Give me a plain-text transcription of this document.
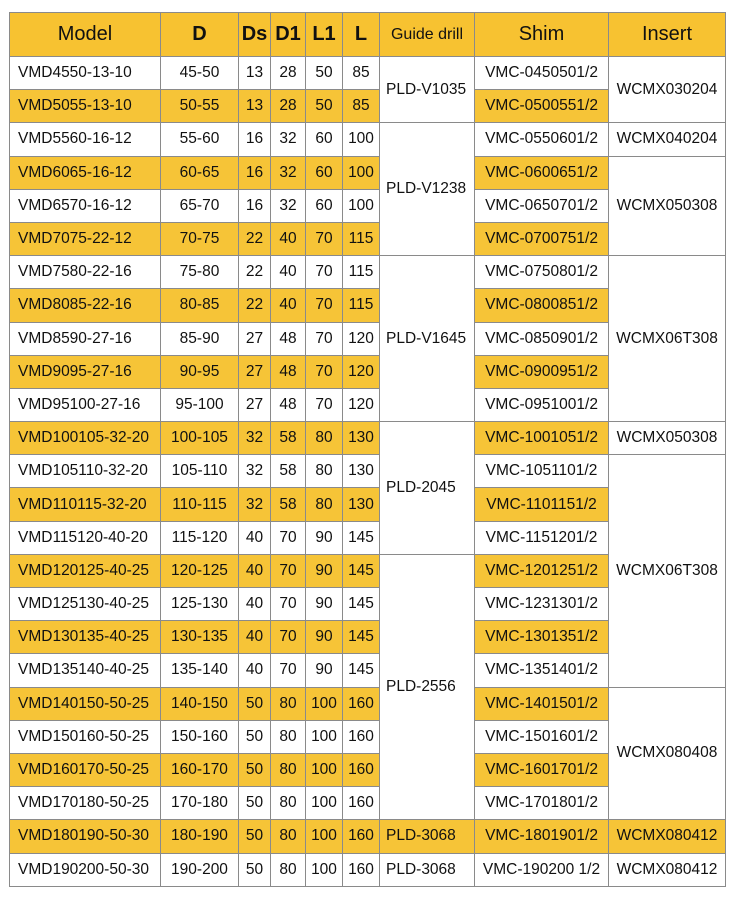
Model	D	Ds	D1	L1	L	Guide drill	Shim	Insert
VMD4550-13-10	45-50	13	28	50	85	PLD-V1035	VMC-0450501/2	WCMX030204
VMD5055-13-10	50-55	13	28	50	85		VMC-0500551/2	
VMD5560-16-12	55-60	16	32	60	100	PLD-V1238	VMC-0550601/2	WCMX040204
VMD6065-16-12	60-65	16	32	60	100		VMC-0600651/2	WCMX050308
VMD6570-16-12	65-70	16	32	60	100		VMC-0650701/2	
VMD7075-22-12	70-75	22	40	70	115		VMC-0700751/2	
VMD7580-22-16	75-80	22	40	70	115	PLD-V1645	VMC-0750801/2	WCMX06T308
VMD8085-22-16	80-85	22	40	70	115		VMC-0800851/2	
VMD8590-27-16	85-90	27	48	70	120		VMC-0850901/2	
VMD9095-27-16	90-95	27	48	70	120		VMC-0900951/2	
VMD95100-27-16	95-100	27	48	70	120		VMC-0951001/2	
VMD100105-32-20	100-105	32	58	80	130	PLD-2045	VMC-1001051/2	WCMX050308
VMD105110-32-20	105-110	32	58	80	130		VMC-1051101/2	WCMX06T308
VMD110115-32-20	110-115	32	58	80	130		VMC-1101151/2	
VMD115120-40-20	115-120	40	70	90	145		VMC-1151201/2	
VMD120125-40-25	120-125	40	70	90	145	PLD-2556	VMC-1201251/2	
VMD125130-40-25	125-130	40	70	90	145		VMC-1231301/2	
VMD130135-40-25	130-135	40	70	90	145		VMC-1301351/2	
VMD135140-40-25	135-140	40	70	90	145		VMC-1351401/2	
VMD140150-50-25	140-150	50	80	100	160		VMC-1401501/2	WCMX080408
VMD150160-50-25	150-160	50	80	100	160		VMC-1501601/2	
VMD160170-50-25	160-170	50	80	100	160		VMC-1601701/2	
VMD170180-50-25	170-180	50	80	100	160		VMC-1701801/2	
VMD180190-50-30	180-190	50	80	100	160	PLD-3068	VMC-1801901/2	WCMX080412
VMD190200-50-30	190-200	50	80	100	160	PLD-3068	VMC-190200 1/2	WCMX080412
